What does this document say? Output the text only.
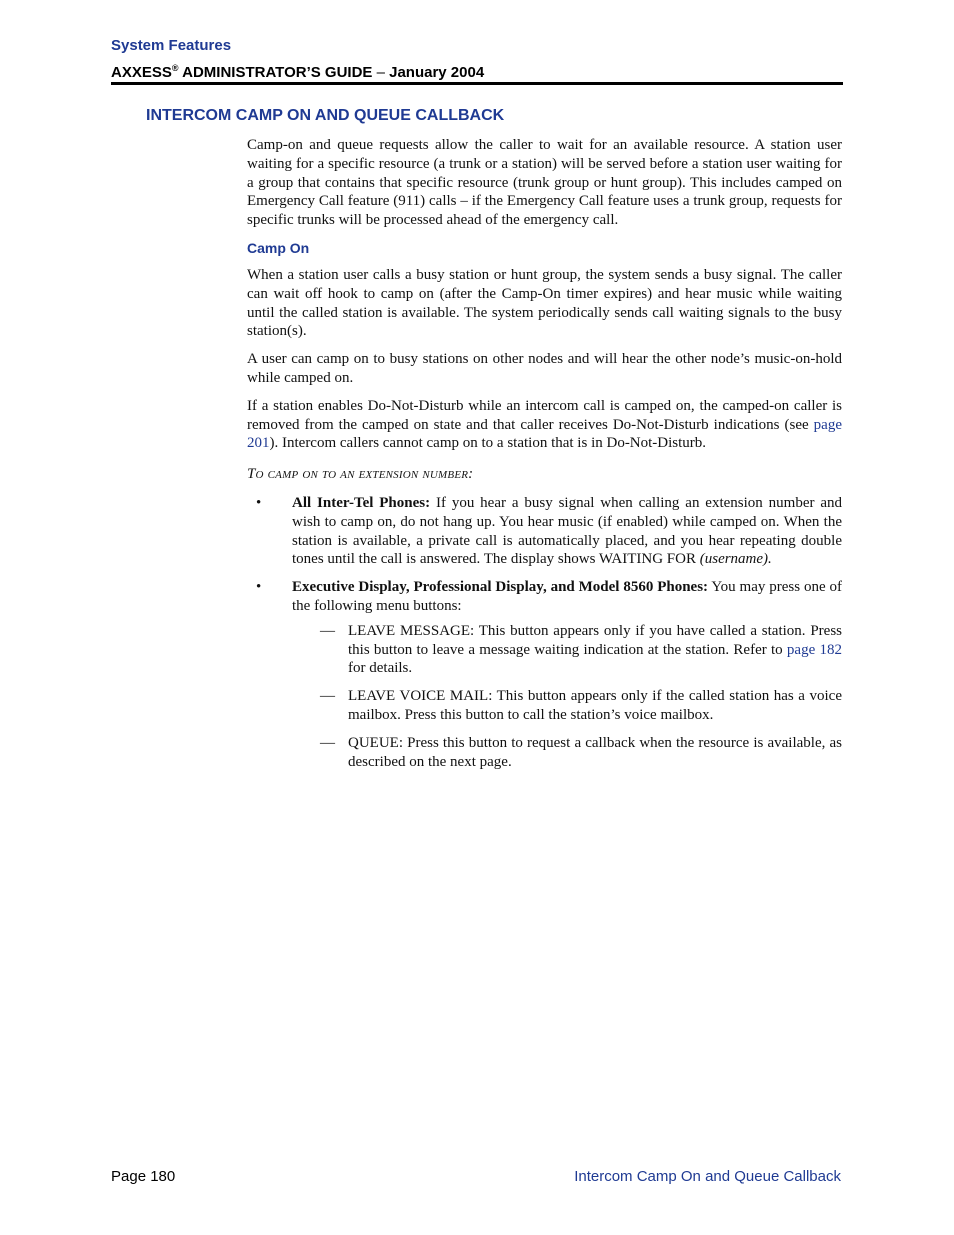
System Features
AXXESS® ADMINISTRATOR’S GUIDE – January 2004
INTERCOM CAMP ON AND QUEUE CALLBACK

Camp-on and queue requests allow the caller to wait for an available resource. A station user waiting for a specific resource (a trunk or a station) will be served before a station user waiting for a group that contains that specific resource (trunk group or hunt group). This includes camped on Emergency Call feature (911) calls – if the Emergency Call feature uses a trunk group, requests for specific trunks will be processed ahead of the emergency call.

Camp On

When a station user calls a busy station or hunt group, the system sends a busy signal. The caller can wait off hook to camp on (after the Camp-On timer expires) and hear music while waiting until the called station is available. The system periodically sends call waiting signals to the busy station(s).

A user can camp on to busy stations on other nodes and will hear the other node’s music-on-hold while camped on.

If a station enables Do-Not-Disturb while an intercom call is camped on, the camped-on caller is removed from the camped on state and that caller receives Do-Not-Disturb indications (see page 201). Intercom callers cannot camp on to a station that is in Do-Not-Disturb.

To camp on to an extension number:
• All Inter-Tel Phones: If you hear a busy signal when calling an extension number and wish to camp on, do not hang up. You hear music (if enabled) while camped on. When the station is available, a private call is automatically placed, and you hear repeating double tones until the call is answered. The display shows WAITING FOR (username).
• Executive Display, Professional Display, and Model 8560 Phones: You may press one of the following menu buttons:
— LEAVE MESSAGE: This button appears only if you have called a station. Press this button to leave a message waiting indication at the station. Refer to page 182 for details.
— LEAVE VOICE MAIL: This button appears only if the called station has a voice mailbox. Press this button to call the station’s voice mailbox.
— QUEUE: Press this button to request a callback when the resource is available, as described on the next page.
Page 180	Intercom Camp On and Queue Callback
